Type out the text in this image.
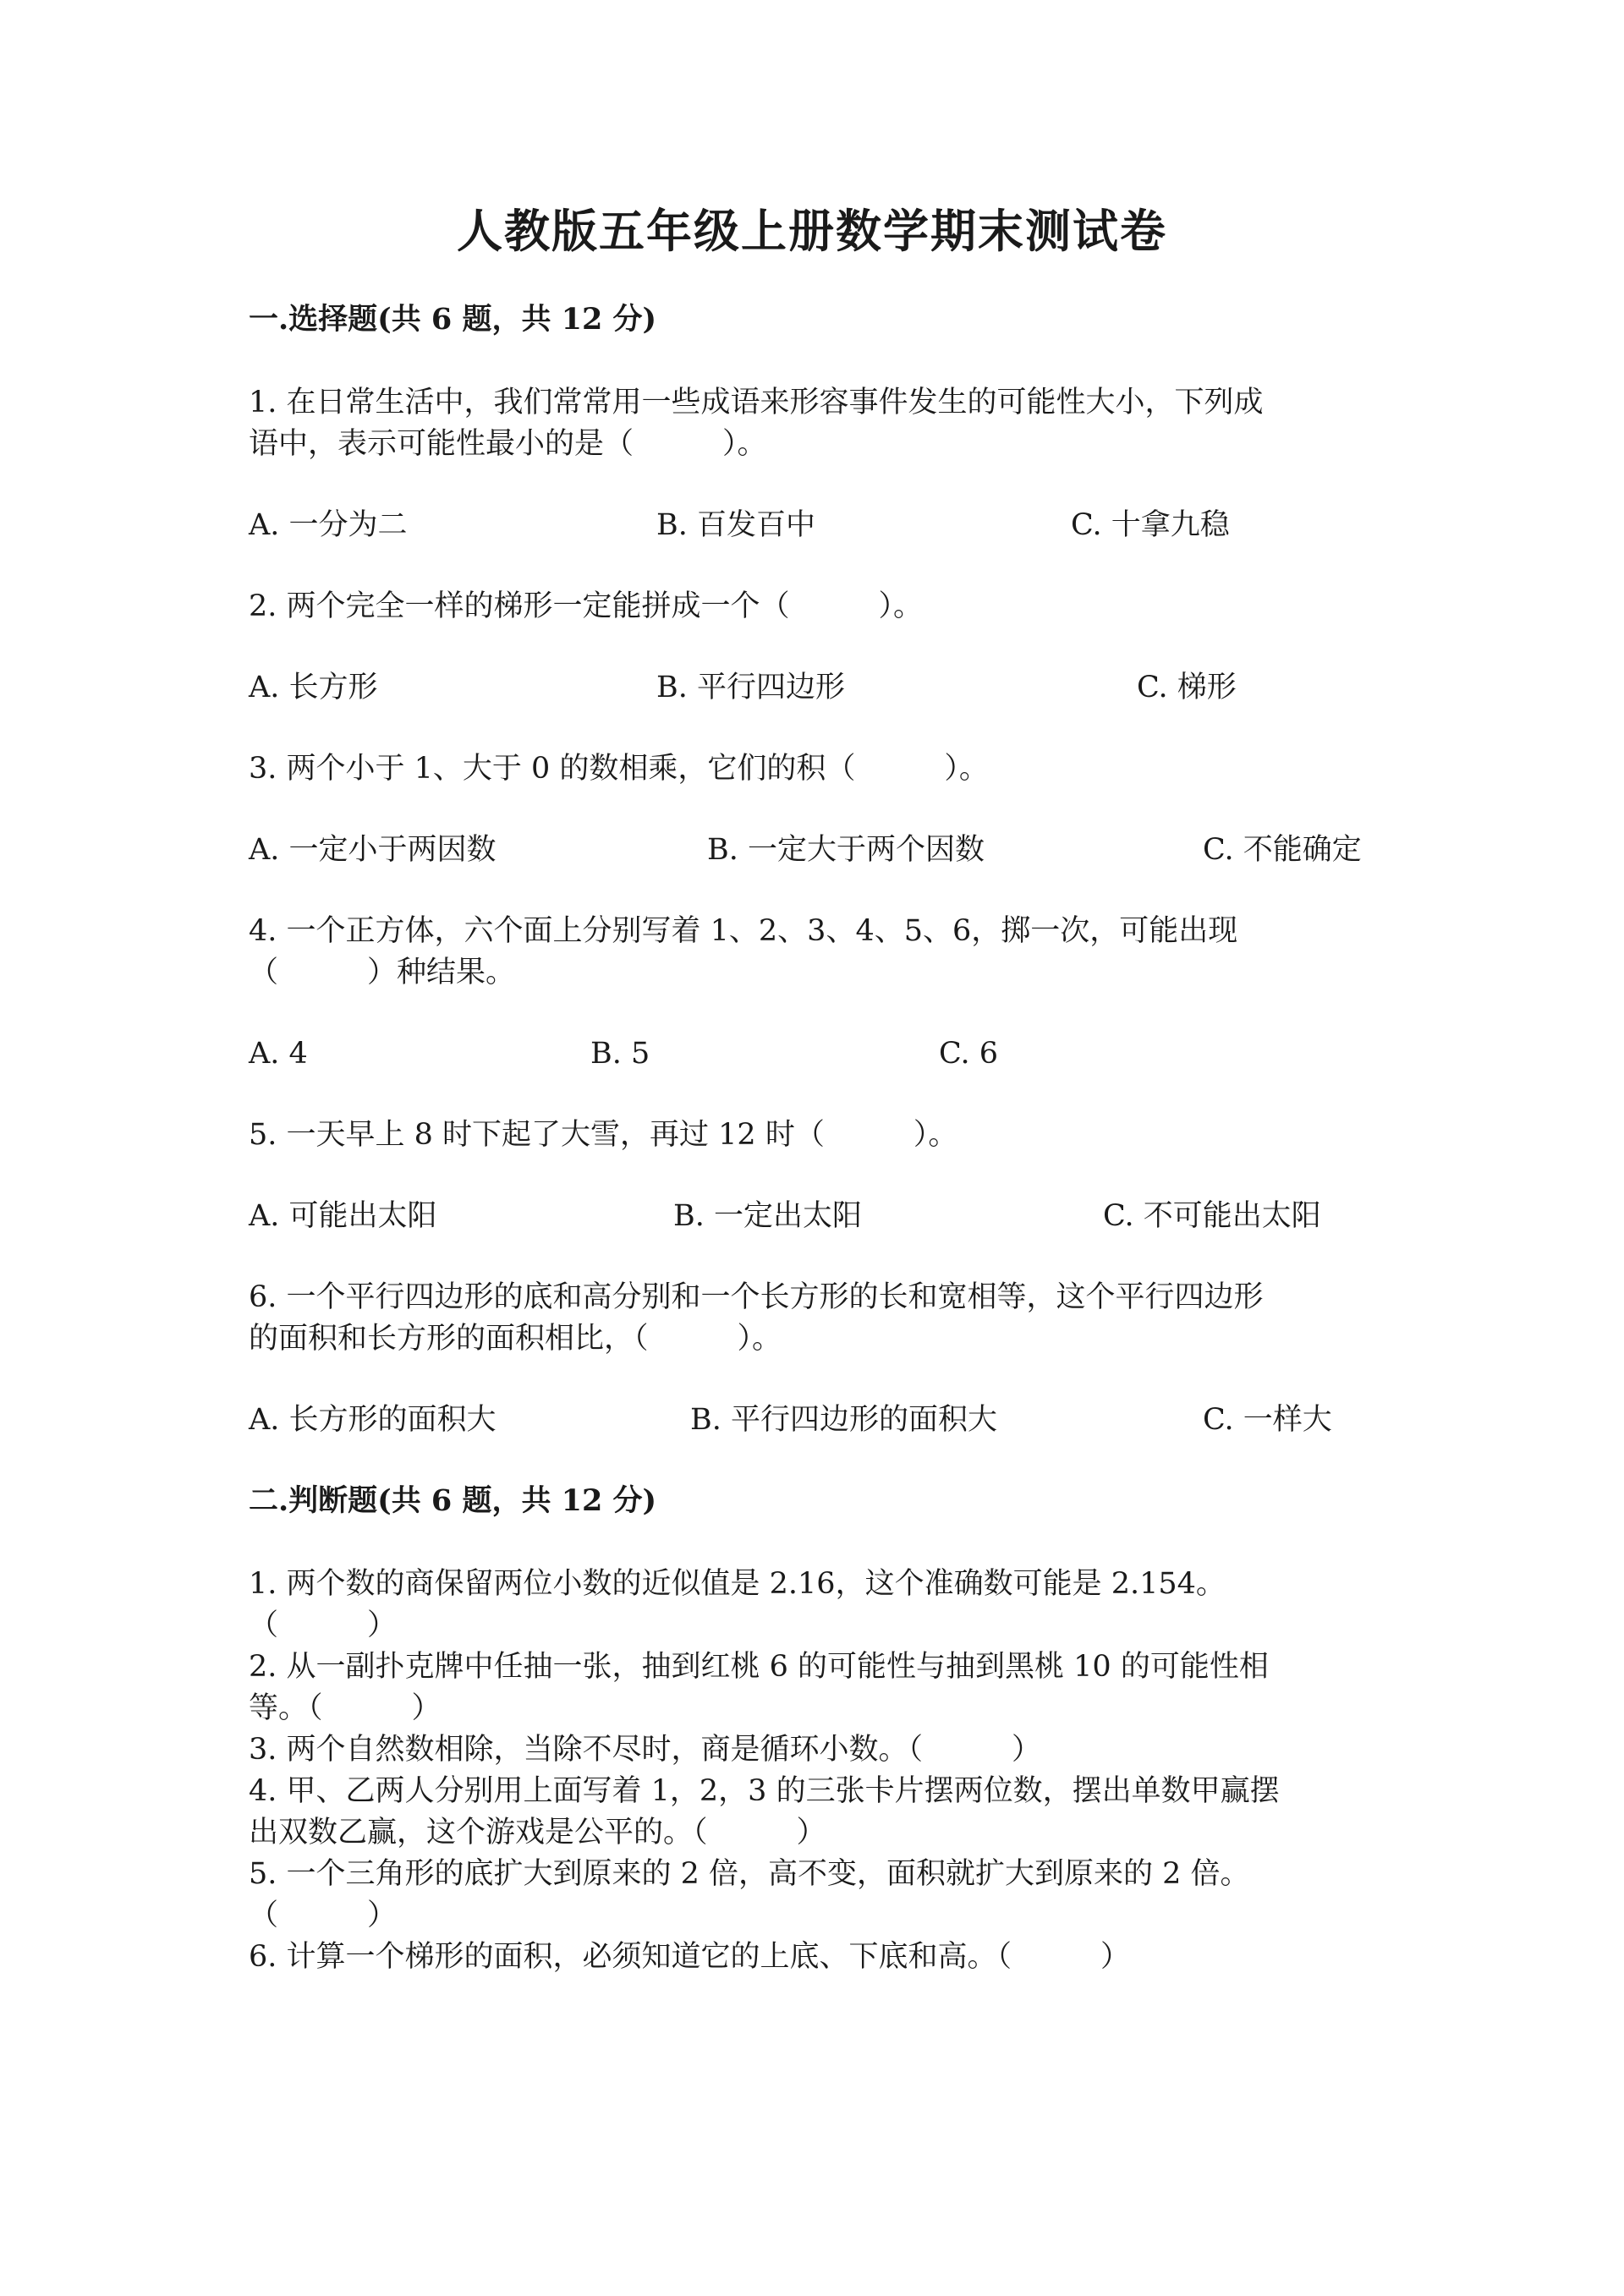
人教版五年级上册数学期末测试卷
一.选择题(共 6 题，共 12 分)
1. 在日常生活中，我们常常用一些成语来形容事件发生的可能性大小，下列成
语中，表示可能性最小的是（　　　）。
A. 一分为二	B. 百发百中	C. 十拿九稳
2. 两个完全一样的梯形一定能拼成一个（　　　）。
A. 长方形	B. 平行四边形	C. 梯形
3. 两个小于 1、大于 0 的数相乘，它们的积（　　　）。
A. 一定小于两因数	B. 一定大于两个因数	C. 不能确定
4. 一个正方体，六个面上分别写着 1、2、3、4、5、6，掷一次，可能出现
（　　　）种结果。
A. 4	B. 5	C. 6
5. 一天早上 8 时下起了大雪，再过 12 时（　　　）。
A. 可能出太阳	B. 一定出太阳	C. 不可能出太阳
6. 一个平行四边形的底和高分别和一个长方形的长和宽相等，这个平行四边形
的面积和长方形的面积相比，（　　　）。
A. 长方形的面积大	B. 平行四边形的面积大	C. 一样大
二.判断题(共 6 题，共 12 分)
1. 两个数的商保留两位小数的近似值是 2.16，这个准确数可能是 2.154。
（　　　）
2. 从一副扑克牌中任抽一张，抽到红桃 6 的可能性与抽到黑桃 10 的可能性相
等。（　　　）
3. 两个自然数相除，当除不尽时，商是循环小数。（　　　）
4. 甲、乙两人分别用上面写着 1，2，3 的三张卡片摆两位数，摆出单数甲赢摆
出双数乙赢，这个游戏是公平的。（　　　）
5. 一个三角形的底扩大到原来的 2 倍，高不变，面积就扩大到原来的 2 倍。
（　　　）
6. 计算一个梯形的面积，必须知道它的上底、下底和高。（　　　）
